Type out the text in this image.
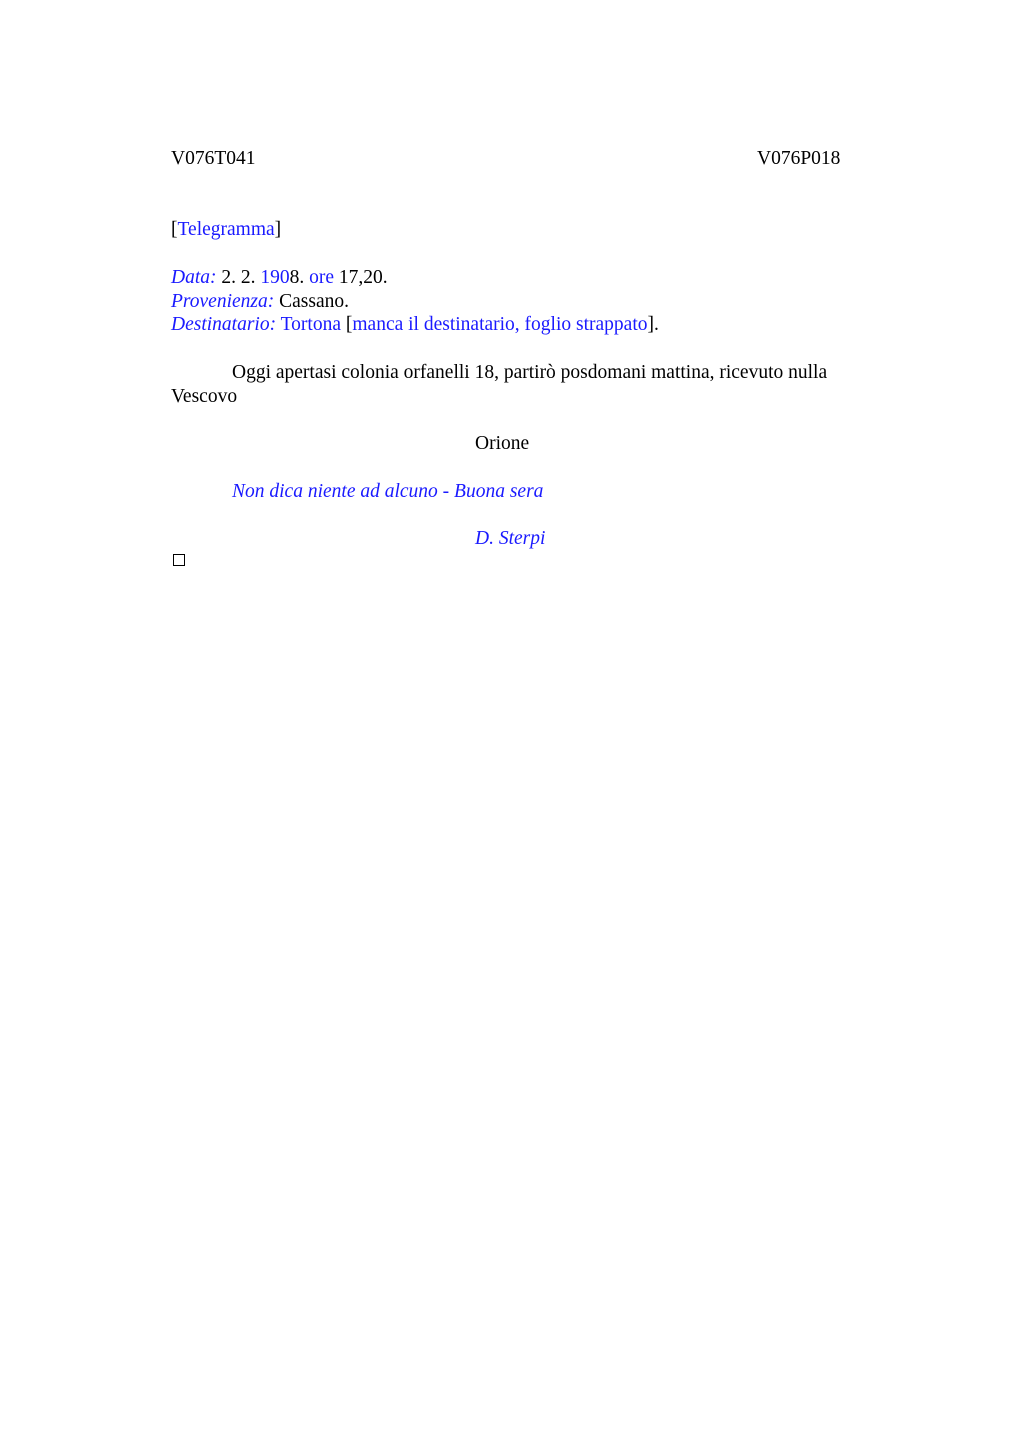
V076T041	V076P018
[Telegramma]
Data: 2. 2. 1908. ore 17,20.
Provenienza: Cassano.
Destinatario: Tortona [manca il destinatario, foglio strappato].
Oggi apertasi colonia orfanelli 18, partirò posdomani mattina, ricevuto nulla
Vescovo
Orione
Non dica niente ad alcuno - Buona sera
D. Sterpi
